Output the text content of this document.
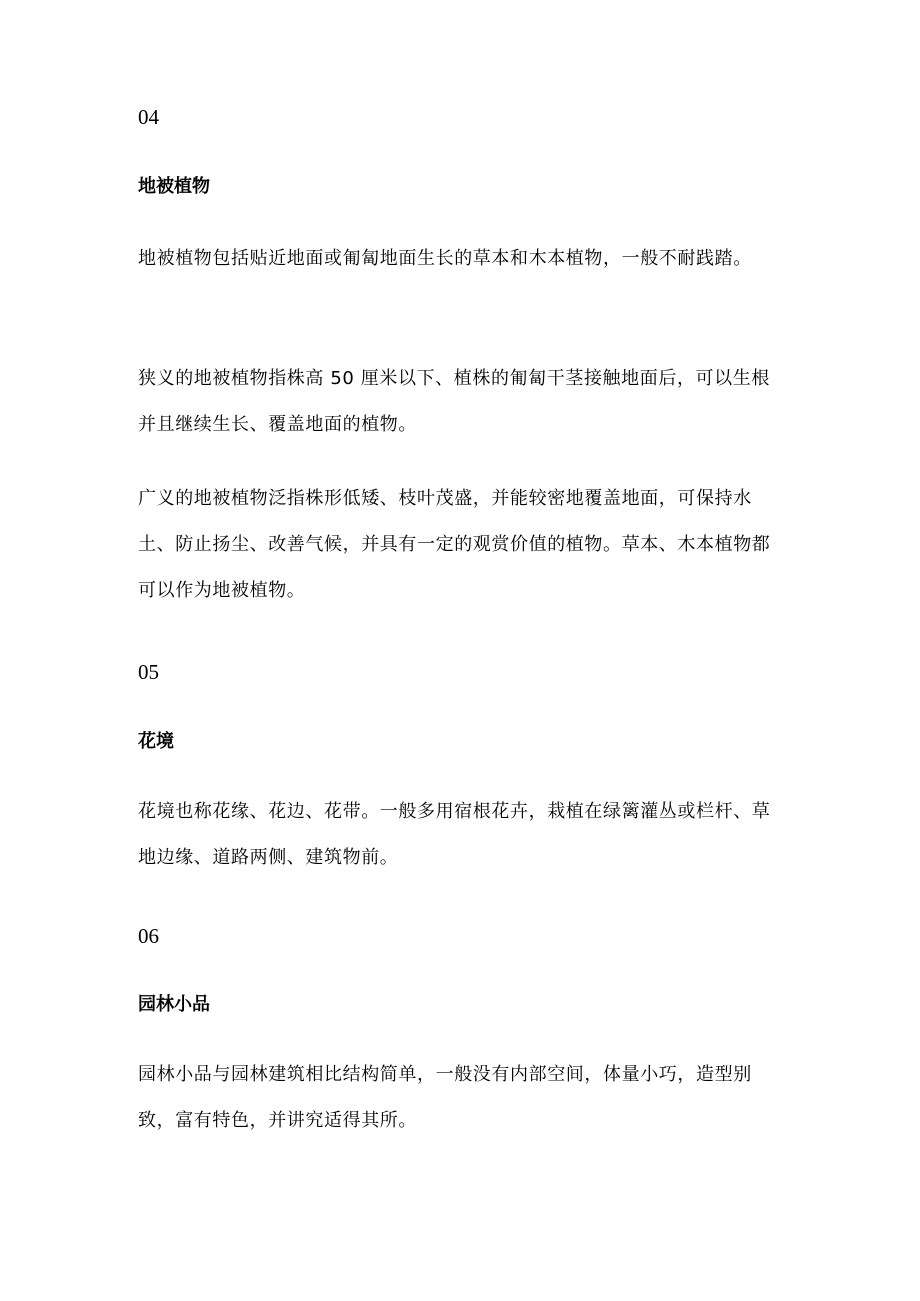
04

地被植物

地被植物包括贴近地面或匍匐地面生长的草本和木本植物，一般不耐践踏。

狭义的地被植物指株高 50 厘米以下、植株的匍匐干茎接触地面后，可以生根并且继续生长、覆盖地面的植物。

广义的地被植物泛指株形低矮、枝叶茂盛，并能较密地覆盖地面，可保持水土、防止扬尘、改善气候，并具有一定的观赏价值的植物。草本、木本植物都可以作为地被植物。

05

花境

花境也称花缘、花边、花带。一般多用宿根花卉，栽植在绿篱灌丛或栏杆、草地边缘、道路两侧、建筑物前。

06

园林小品

园林小品与园林建筑相比结构简单，一般没有内部空间，体量小巧，造型别致，富有特色，并讲究适得其所。
